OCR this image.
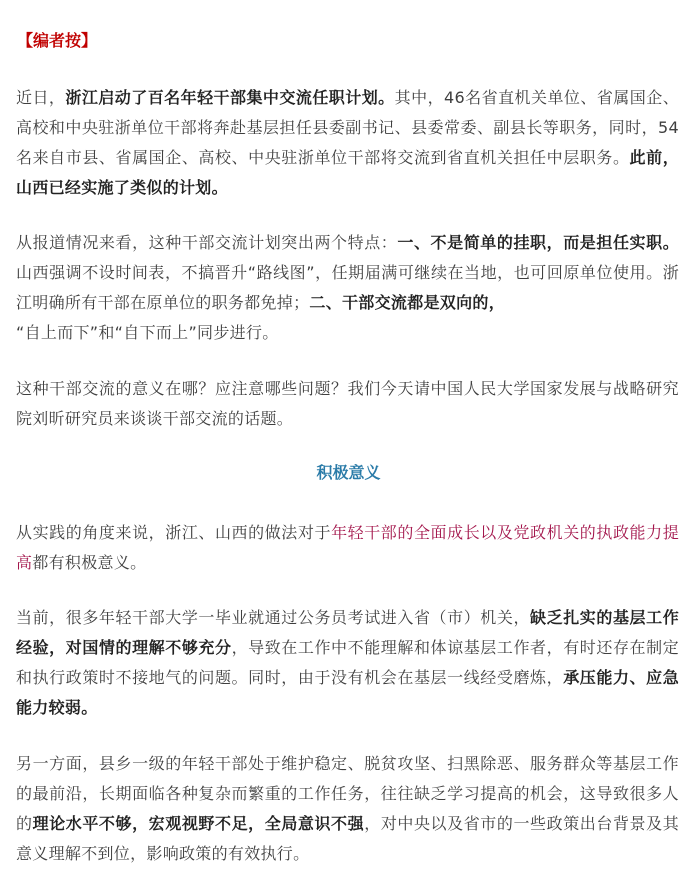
【编者按】

近日，浙江启动了百名年轻干部集中交流任职计划。其中，46名省直机关单位、省属国企、高校和中央驻浙单位干部将奔赴基层担任县委副书记、县委常委、副县长等职务，同时，54名来自市县、省属国企、高校、中央驻浙单位干部将交流到省直机关担任中层职务。此前，山西已经实施了类似的计划。

从报道情况来看，这种干部交流计划突出两个特点：一、不是简单的挂职，而是担任实职。山西强调不设时间表，不搞晋升“路线图”，任期届满可继续在当地，也可回原单位使用。浙江明确所有干部在原单位的职务都免掉；二、干部交流都是双向的，
“自上而下”和“自下而上”同步进行。

这种干部交流的意义在哪？应注意哪些问题？我们今天请中国人民大学国家发展与战略研究院刘昕研究员来谈谈干部交流的话题。

积极意义

从实践的角度来说，浙江、山西的做法对于年轻干部的全面成长以及党政机关的执政能力提高都有积极意义。

当前，很多年轻干部大学一毕业就通过公务员考试进入省（市）机关，缺乏扎实的基层工作经验，对国情的理解不够充分，导致在工作中不能理解和体谅基层工作者，有时还存在制定和执行政策时不接地气的问题。同时，由于没有机会在基层一线经受磨炼，承压能力、应急能力较弱。

另一方面，县乡一级的年轻干部处于维护稳定、脱贫攻坚、扫黑除恶、服务群众等基层工作的最前沿，长期面临各种复杂而繁重的工作任务，往往缺乏学习提高的机会，这导致很多人的理论水平不够，宏观视野不足，全局意识不强，对中央以及省市的一些政策出台背景及其意义理解不到位，影响政策的有效执行。
